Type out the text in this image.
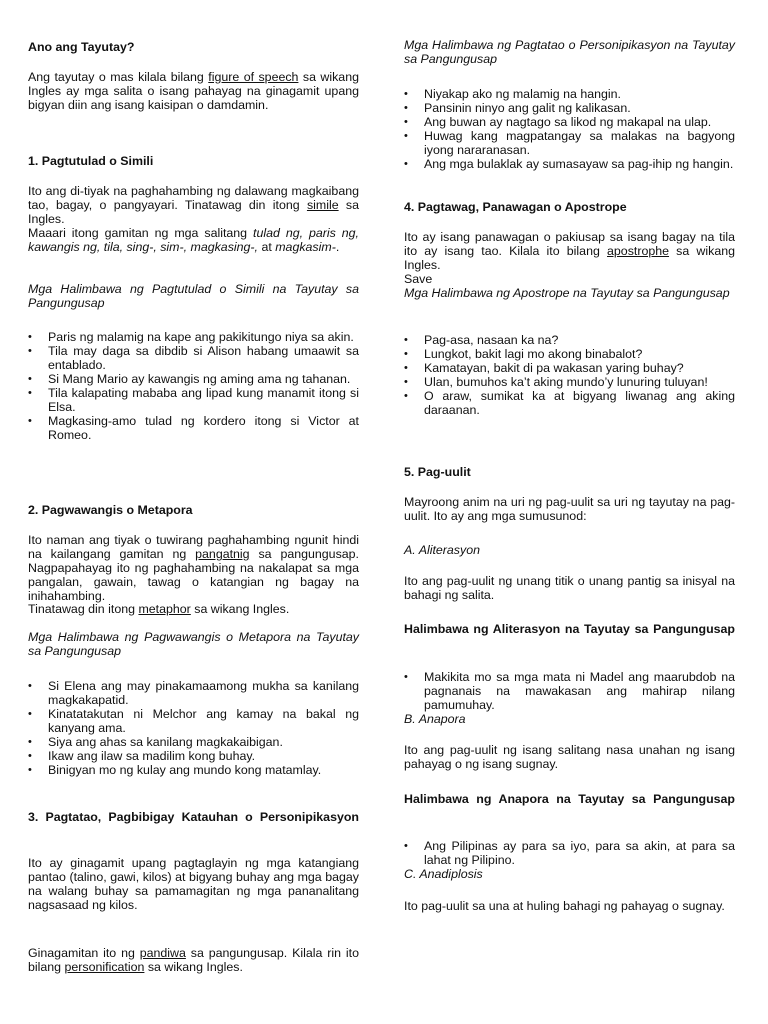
Ano ang Tayutay?

Ang tayutay o mas kilala bilang figure of speech sa wikang Ingles ay mga salita o isang pahayag na ginagamit upang bigyan diin ang isang kaisipan o damdamin.

1. Pagtutulad o Simili

Ito ang di-tiyak na paghahambing ng dalawang magkaibang tao, bagay, o pangyayari. Tinatawag din itong simile sa Ingles.

Maaari itong gamitan ng mga salitang tulad ng, paris ng, kawangis ng, tila, sing-, sim-, magkasing-, at magkasim-.

Mga Halimbawa ng Pagtutulad o Simili na Tayutay sa Pangungusap

• Paris ng malamig na kape ang pakikitungo niya sa akin.
• Tila may daga sa dibdib si Alison habang umaawit sa entablado.
• Si Mang Mario ay kawangis ng aming ama ng tahanan.
• Tila kalapating mababa ang lipad kung manamit itong si Elsa.
• Magkasing-amo tulad ng kordero itong si Victor at Romeo.

2. Pagwawangis o Metapora

Ito naman ang tiyak o tuwirang paghahambing ngunit hindi na kailangang gamitan ng pangatnig sa pangungusap. Nagpapahayag ito ng paghahambing na nakalapat sa mga pangalan, gawain, tawag o katangian ng bagay na inihahambing.

Tinatawag din itong metaphor sa wikang Ingles.

Mga Halimbawa ng Pagwawangis o Metapora na Tayutay sa Pangungusap

• Si Elena ang may pinakamaamong mukha sa kanilang magkakapatid.
• Kinatatakutan ni Melchor ang kamay na bakal ng kanyang ama.
• Siya ang ahas sa kanilang magkakaibigan.
• Ikaw ang ilaw sa madilim kong buhay.
• Binigyan mo ng kulay ang mundo kong matamlay.

3. Pagtatao, Pagbibigay Katauhan o Personipikasyon

Ito ay ginagamit upang pagtaglayin ng mga katangiang pantao (talino, gawi, kilos) at bigyang buhay ang mga bagay na walang buhay sa pamamagitan ng mga pananalitang nagsasaad ng kilos.

Ginagamitan ito ng pandiwa sa pangungusap. Kilala rin ito bilang personification sa wikang Ingles.

Mga Halimbawa ng Pagtatao o Personipikasyon na Tayutay sa Pangungusap

• Niyakap ako ng malamig na hangin.
• Pansinin ninyo ang galit ng kalikasan.
• Ang buwan ay nagtago sa likod ng makapal na ulap.
• Huwag kang magpatangay sa malakas na bagyong iyong nararanasan.
• Ang mga bulaklak ay sumasayaw sa pag-ihip ng hangin.

4. Pagtawag, Panawagan o Apostrope

Ito ay isang panawagan o pakiusap sa isang bagay na tila ito ay isang tao. Kilala ito bilang apostrophe sa wikang Ingles.

Save

Mga Halimbawa ng Apostrope na Tayutay sa Pangungusap

• Pag-asa, nasaan ka na?
• Lungkot, bakit lagi mo akong binabalot?
• Kamatayan, bakit di pa wakasan yaring buhay?
• Ulan, bumuhos ka’t aking mundo’y lunuring tuluyan!
• O araw, sumikat ka at bigyang liwanag ang aking daraanan.

5. Pag-uulit

Mayroong anim na uri ng pag-uulit sa uri ng tayutay na pag-uulit. Ito ay ang mga sumusunod:

A. Aliterasyon

Ito ang pag-uulit ng unang titik o unang pantig sa inisyal na bahagi ng salita.

Halimbawa ng Aliterasyon na Tayutay sa Pangungusap

• Makikita mo sa mga mata ni Madel ang maarubdob na pagnanais na mawakasan ang mahirap nilang pamumuhay.

B. Anapora

Ito ang pag-uulit ng isang salitang nasa unahan ng isang pahayag o ng isang sugnay.

Halimbawa ng Anapora na Tayutay sa Pangungusap

• Ang Pilipinas ay para sa iyo, para sa akin, at para sa lahat ng Pilipino.

C. Anadiplosis

Ito pag-uulit sa una at huling bahagi ng pahayag o sugnay.
